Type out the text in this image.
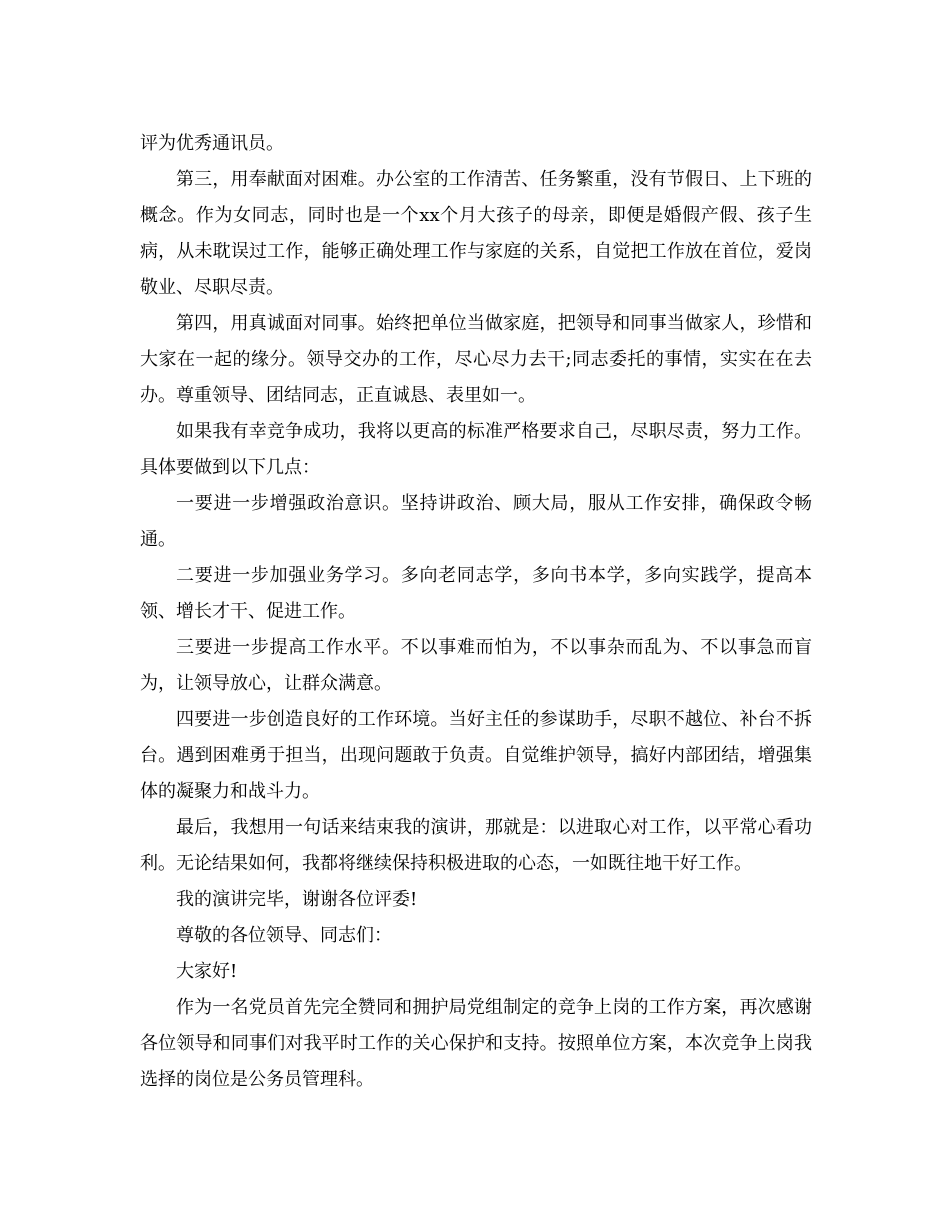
评为优秀通讯员。

第三，用奉献面对困难。办公室的工作清苦、任务繁重，没有节假日、上下班的概念。作为女同志，同时也是一个xx个月大孩子的母亲，即便是婚假产假、孩子生病，从未耽误过工作，能够正确处理工作与家庭的关系，自觉把工作放在首位，爱岗敬业、尽职尽责。

第四，用真诚面对同事。始终把单位当做家庭，把领导和同事当做家人，珍惜和大家在一起的缘分。领导交办的工作，尽心尽力去干;同志委托的事情，实实在在去办。尊重领导、团结同志，正直诚恳、表里如一。

如果我有幸竞争成功，我将以更高的标准严格要求自己，尽职尽责，努力工作。具体要做到以下几点：

一要进一步增强政治意识。坚持讲政治、顾大局，服从工作安排，确保政令畅通。

二要进一步加强业务学习。多向老同志学，多向书本学，多向实践学，提高本领、增长才干、促进工作。

三要进一步提高工作水平。不以事难而怕为，不以事杂而乱为、不以事急而盲为，让领导放心，让群众满意。

四要进一步创造良好的工作环境。当好主任的参谋助手，尽职不越位、补台不拆台。遇到困难勇于担当，出现问题敢于负责。自觉维护领导，搞好内部团结，增强集体的凝聚力和战斗力。

最后，我想用一句话来结束我的演讲，那就是：以进取心对工作，以平常心看功利。无论结果如何，我都将继续保持积极进取的心态，一如既往地干好工作。

我的演讲完毕，谢谢各位评委!

尊敬的各位领导、同志们：

大家好!

作为一名党员首先完全赞同和拥护局党组制定的竞争上岗的工作方案，再次感谢各位领导和同事们对我平时工作的关心保护和支持。按照单位方案，本次竞争上岗我选择的岗位是公务员管理科。
